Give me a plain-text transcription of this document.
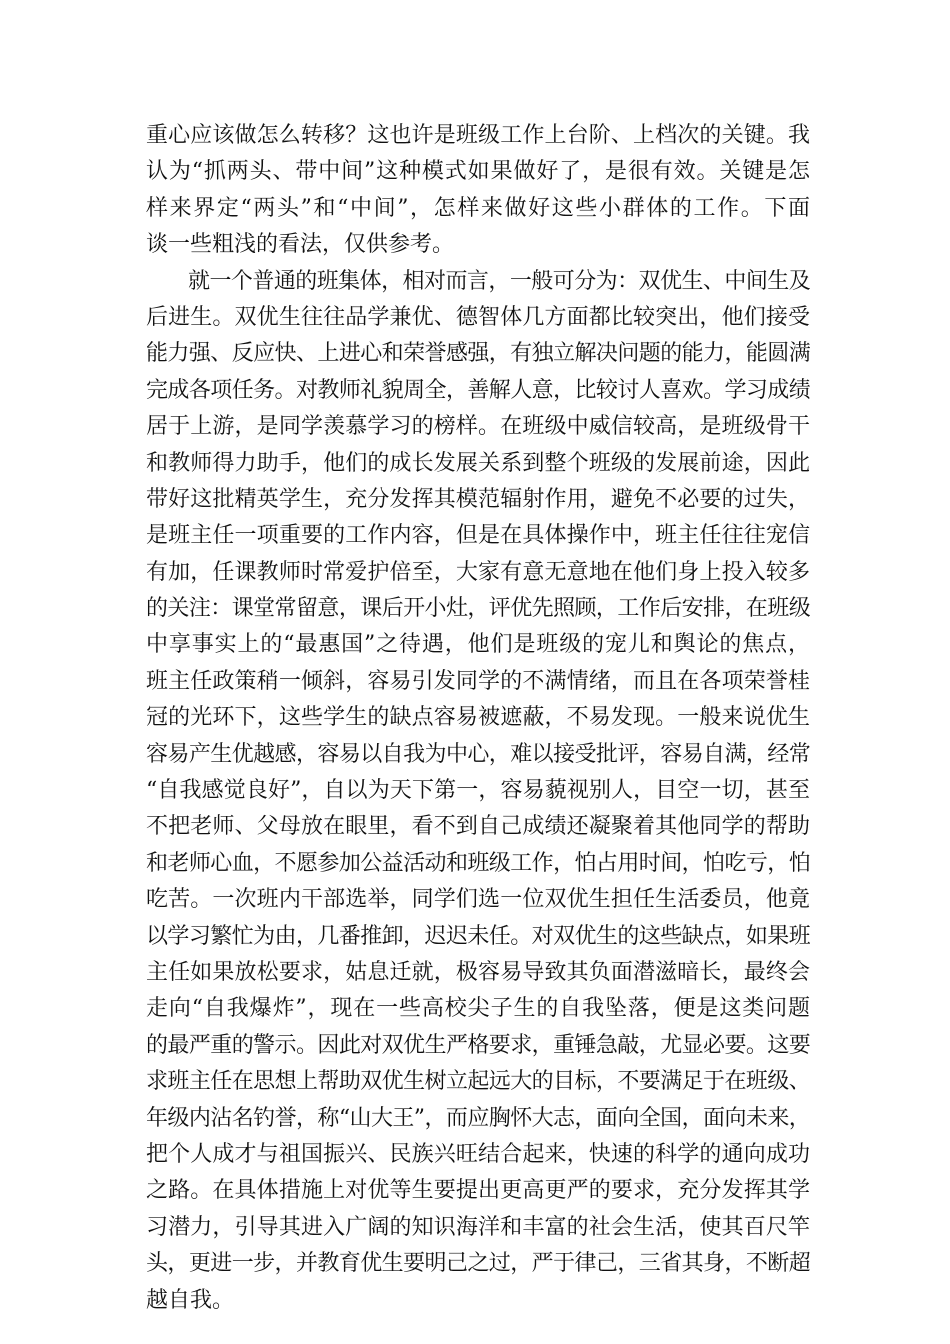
重心应该做怎么转移？这也许是班级工作上台阶、上档次的关键。我
认为“抓两头、带中间”这种模式如果做好了，是很有效。关键是怎
样来界定“两头”和“中间”，怎样来做好这些小群体的工作。下面
谈一些粗浅的看法，仅供参考。
就一个普通的班集体，相对而言，一般可分为：双优生、中间生及
后进生。双优生往往品学兼优、德智体几方面都比较突出，他们接受
能力强、反应快、上进心和荣誉感强，有独立解决问题的能力，能圆满
完成各项任务。对教师礼貌周全，善解人意，比较讨人喜欢。学习成绩
居于上游，是同学羡慕学习的榜样。在班级中威信较高，是班级骨干
和教师得力助手，他们的成长发展关系到整个班级的发展前途，因此
带好这批精英学生，充分发挥其模范辐射作用，避免不必要的过失，
是班主任一项重要的工作内容，但是在具体操作中，班主任往往宠信
有加，任课教师时常爱护倍至，大家有意无意地在他们身上投入较多
的关注：课堂常留意，课后开小灶，评优先照顾，工作后安排，在班级
中享事实上的“最惠国”之待遇，他们是班级的宠儿和舆论的焦点，
班主任政策稍一倾斜，容易引发同学的不满情绪，而且在各项荣誉桂
冠的光环下，这些学生的缺点容易被遮蔽，不易发现。一般来说优生
容易产生优越感，容易以自我为中心，难以接受批评，容易自满，经常
“自我感觉良好”，自以为天下第一，容易藐视别人，目空一切，甚至
不把老师、父母放在眼里，看不到自己成绩还凝聚着其他同学的帮助
和老师心血，不愿参加公益活动和班级工作，怕占用时间，怕吃亏，怕
吃苦。一次班内干部选举，同学们选一位双优生担任生活委员，他竟
以学习繁忙为由，几番推卸，迟迟未任。对双优生的这些缺点，如果班
主任如果放松要求，姑息迁就，极容易导致其负面潜滋暗长，最终会
走向“自我爆炸”，现在一些高校尖子生的自我坠落，便是这类问题
的最严重的警示。因此对双优生严格要求，重锤急敲，尤显必要。这要
求班主任在思想上帮助双优生树立起远大的目标，不要满足于在班级、
年级内沾名钓誉，称“山大王”，而应胸怀大志，面向全国，面向未来，
把个人成才与祖国振兴、民族兴旺结合起来，快速的科学的通向成功
之路。在具体措施上对优等生要提出更高更严的要求，充分发挥其学
习潜力，引导其进入广阔的知识海洋和丰富的社会生活，使其百尺竿
头，更进一步，并教育优生要明己之过，严于律己，三省其身，不断超
越自我。
